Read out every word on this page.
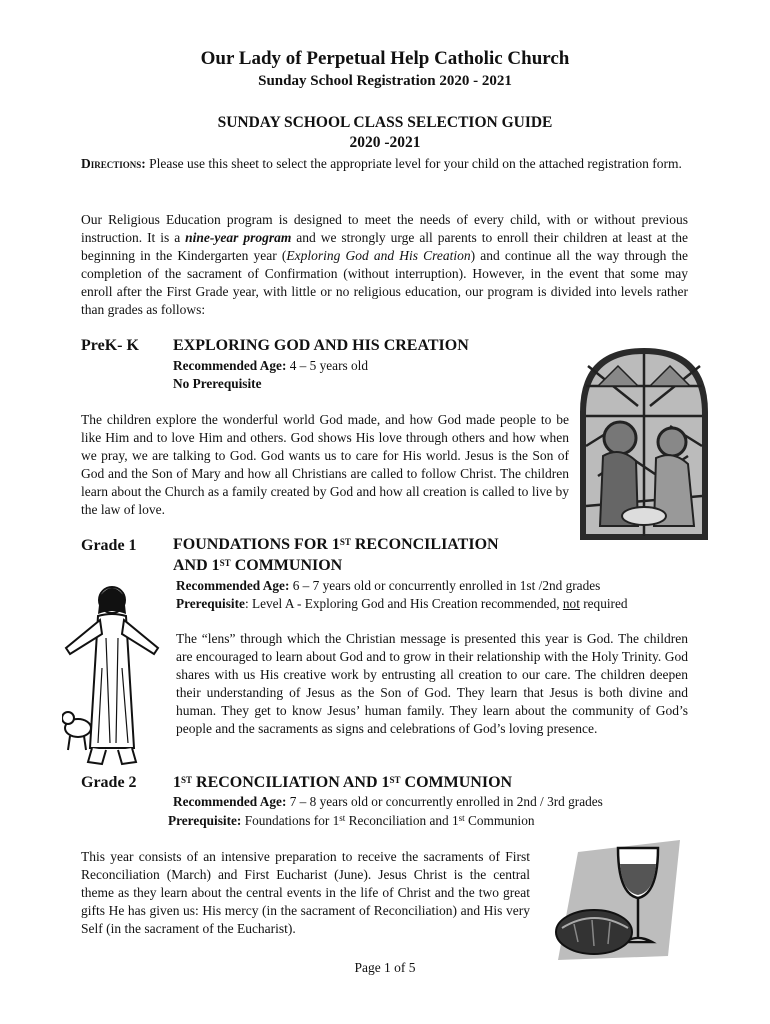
Our Lady of Perpetual Help Catholic Church
Sunday School Registration 2020 - 2021
SUNDAY SCHOOL CLASS SELECTION GUIDE
2020 -2021
Directions: Please use this sheet to select the appropriate level for your child on the attached registration form.
Our Religious Education program is designed to meet the needs of every child, with or without previous instruction. It is a nine-year program and we strongly urge all parents to enroll their children at least at the beginning in the Kindergarten year (Exploring God and His Creation) and continue all the way through the completion of the sacrament of Confirmation (without interruption). However, in the event that some may enroll after the First Grade year, with little or no religious education, our program is divided into levels rather than grades as follows:
PreK- K EXPLORING GOD AND HIS CREATION
Recommended Age: 4 – 5 years old
No Prerequisite
The children explore the wonderful world God made, and how God made people to be like Him and to love Him and others. God shows His love through others and how when we pray, we are talking to God. God wants us to care for His world. Jesus is the Son of God and the Son of Mary and how all Christians are called to follow Christ. The children learn about the Church as a family created by God and how all creation is called to live by the law of love.
Grade 1 FOUNDATIONS FOR 1ST RECONCILIATION
AND 1ST COMMUNION
Recommended Age: 6 – 7 years old or concurrently enrolled in 1st /2nd grades
Prerequisite: Level A - Exploring God and His Creation recommended, not required
The “lens” through which the Christian message is presented this year is God. The children are encouraged to learn about God and to grow in their relationship with the Holy Trinity. God shares with us His creative work by entrusting all creation to our care. The children deepen their understanding of Jesus as the Son of God. They learn that Jesus is both divine and human. They get to know Jesus’ human family. They learn about the community of God’s people and the sacraments as signs and celebrations of God’s loving presence.
Grade 2 1ST RECONCILIATION AND 1ST COMMUNION
Recommended Age: 7 – 8 years old or concurrently enrolled in 2nd / 3rd grades
Prerequisite: Foundations for 1st Reconciliation and 1st Communion
This year consists of an intensive preparation to receive the sacraments of First Reconciliation (March) and First Eucharist (June). Jesus Christ is the central theme as they learn about the central events in the life of Christ and the two great gifts He has given us: His mercy (in the sacrament of Reconciliation) and His very Self (in the sacrament of the Eucharist).
Page 1 of 5
